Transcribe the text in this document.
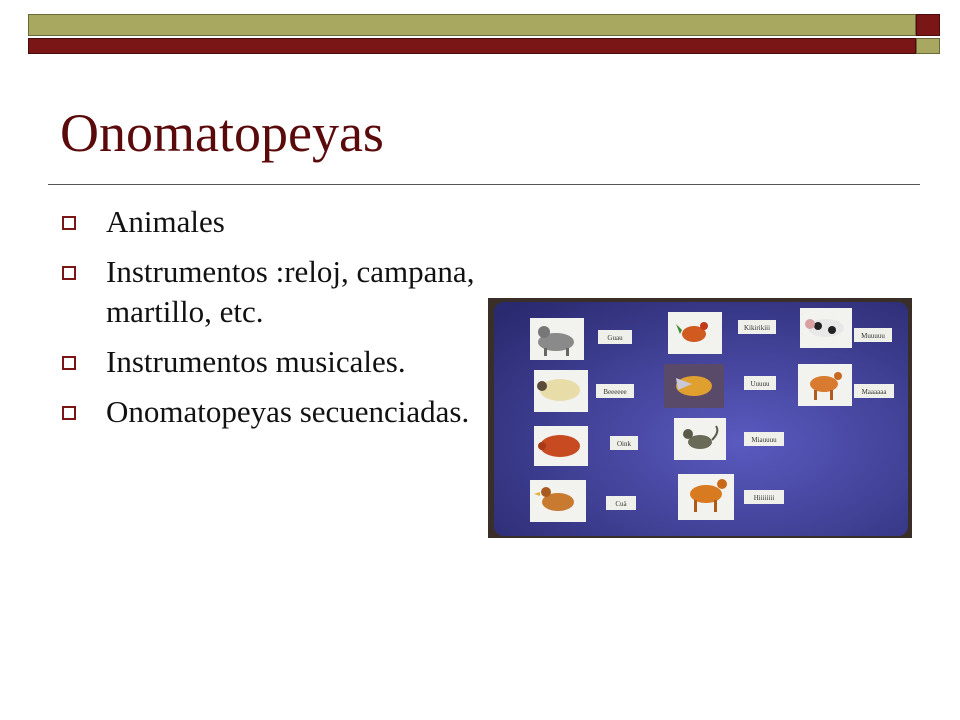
Onomatopeyas
Animales
Instrumentos :reloj, campana, martillo, etc.
Instrumentos musicales.
Onomatopeyas secuenciadas.
Guau
Kikirikiii
Muuuuu
Beeeeee
Uuuuu
Maaaaaa
Oink	Miauuuu
Cuà
Hiiiiiiii
